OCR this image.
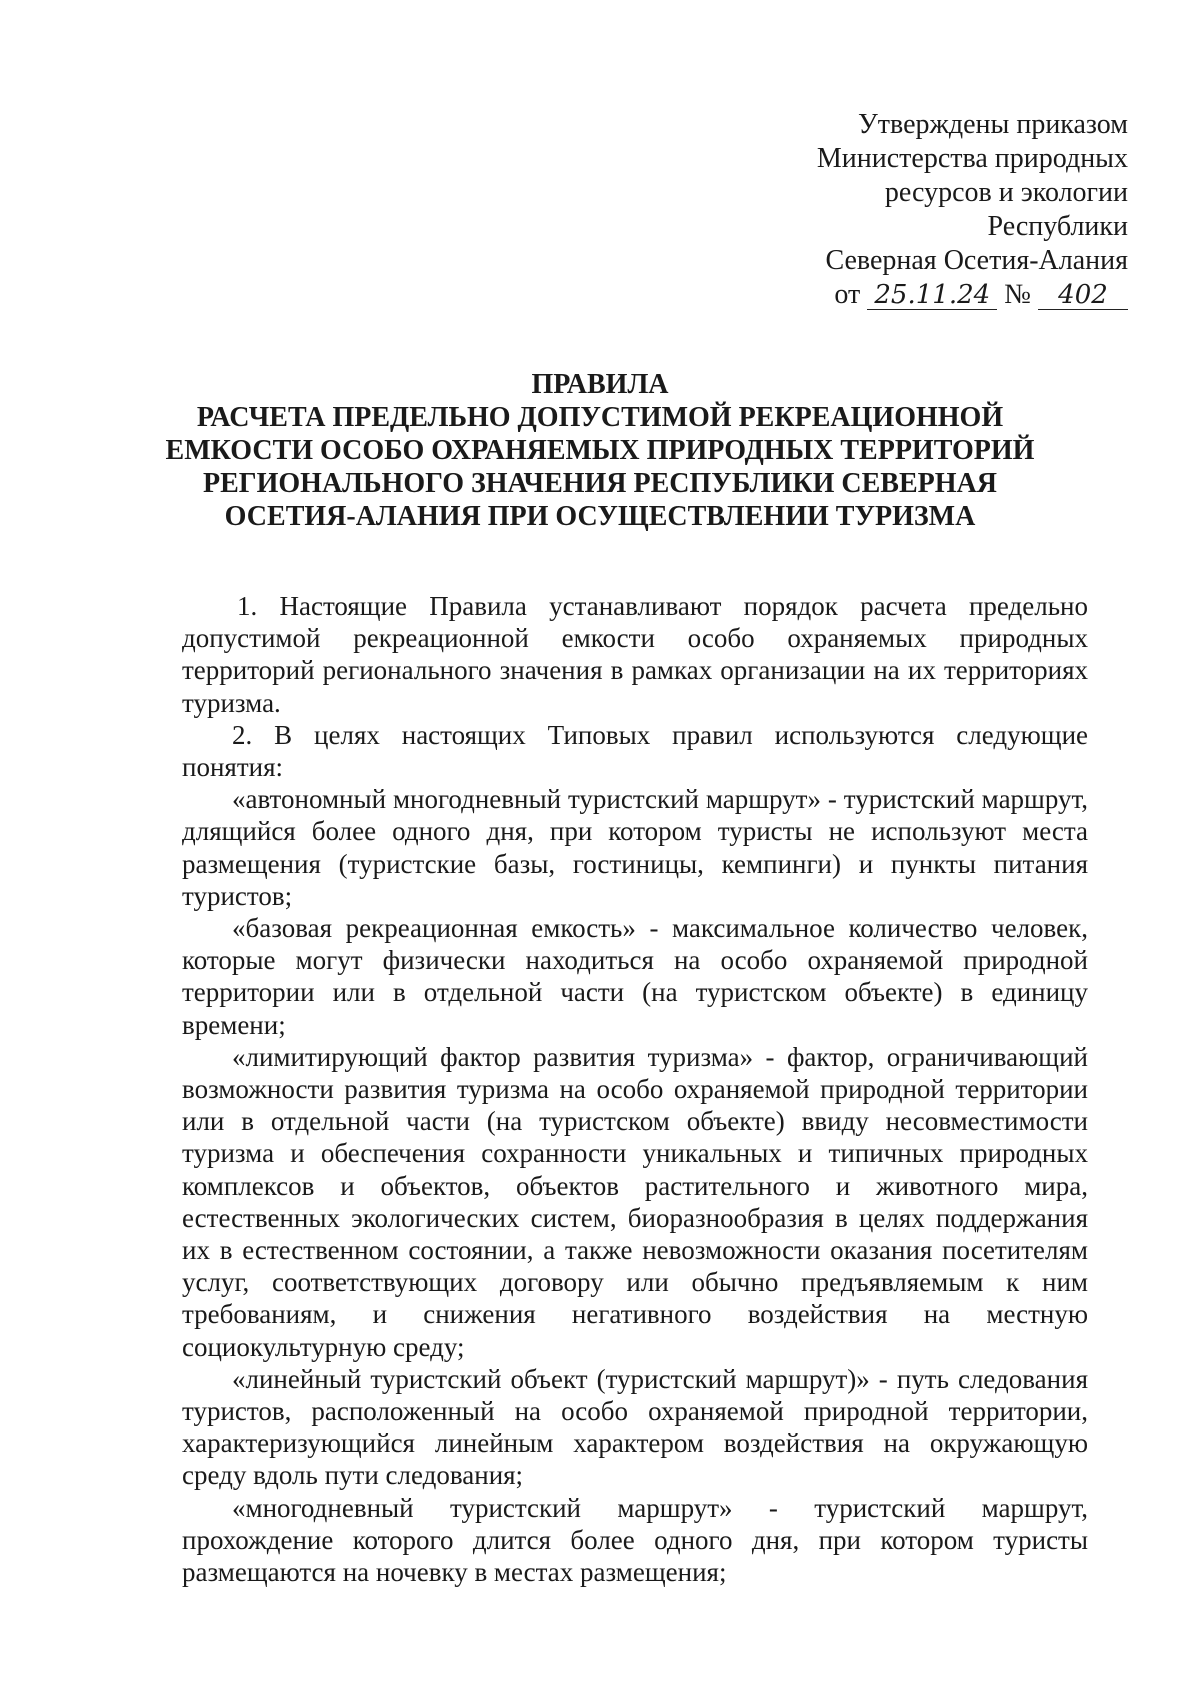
Утверждены приказом
Министерства природных
ресурсов и экологии
Республики
Северная Осетия-Алания
от 25.11.24 № 402
ПРАВИЛА
РАСЧЕТА ПРЕДЕЛЬНО ДОПУСТИМОЙ РЕКРЕАЦИОННОЙ
ЕМКОСТИ ОСОБО ОХРАНЯЕМЫХ ПРИРОДНЫХ ТЕРРИТОРИЙ
РЕГИОНАЛЬНОГО ЗНАЧЕНИЯ РЕСПУБЛИКИ СЕВЕРНАЯ
ОСЕТИЯ-АЛАНИЯ ПРИ ОСУЩЕСТВЛЕНИИ ТУРИЗМА

1. Настоящие Правила устанавливают порядок расчета предельно допустимой рекреационной емкости особо охраняемых природных территорий регионального значения в рамках организации на их территориях туризма.

2. В целях настоящих Типовых правил используются следующие понятия:

«автономный многодневный туристский маршрут» - туристский маршрут, длящийся более одного дня, при котором туристы не используют места размещения (туристские базы, гостиницы, кемпинги) и пункты питания туристов;

«базовая рекреационная емкость» - максимальное количество человек, которые могут физически находиться на особо охраняемой природной территории или в отдельной части (на туристском объекте) в единицу времени;

«лимитирующий фактор развития туризма» - фактор, ограничивающий возможности развития туризма на особо охраняемой природной территории или в отдельной части (на туристском объекте) ввиду несовместимости туризма и обеспечения сохранности уникальных и типичных природных комплексов и объектов, объектов растительного и животного мира, естественных экологических систем, биоразнообразия в целях поддержания их в естественном состоянии, а также невозможности оказания посетителям услуг, соответствующих договору или обычно предъявляемым к ним требованиям, и снижения негативного воздействия на местную социокультурную среду;

«линейный туристский объект (туристский маршрут)» - путь следования туристов, расположенный на особо охраняемой природной территории, характеризующийся линейным характером воздействия на окружающую среду вдоль пути следования;

«многодневный туристский маршрут» - туристский маршрут, прохождение которого длится более одного дня, при котором туристы размещаются на ночевку в местах размещения;
